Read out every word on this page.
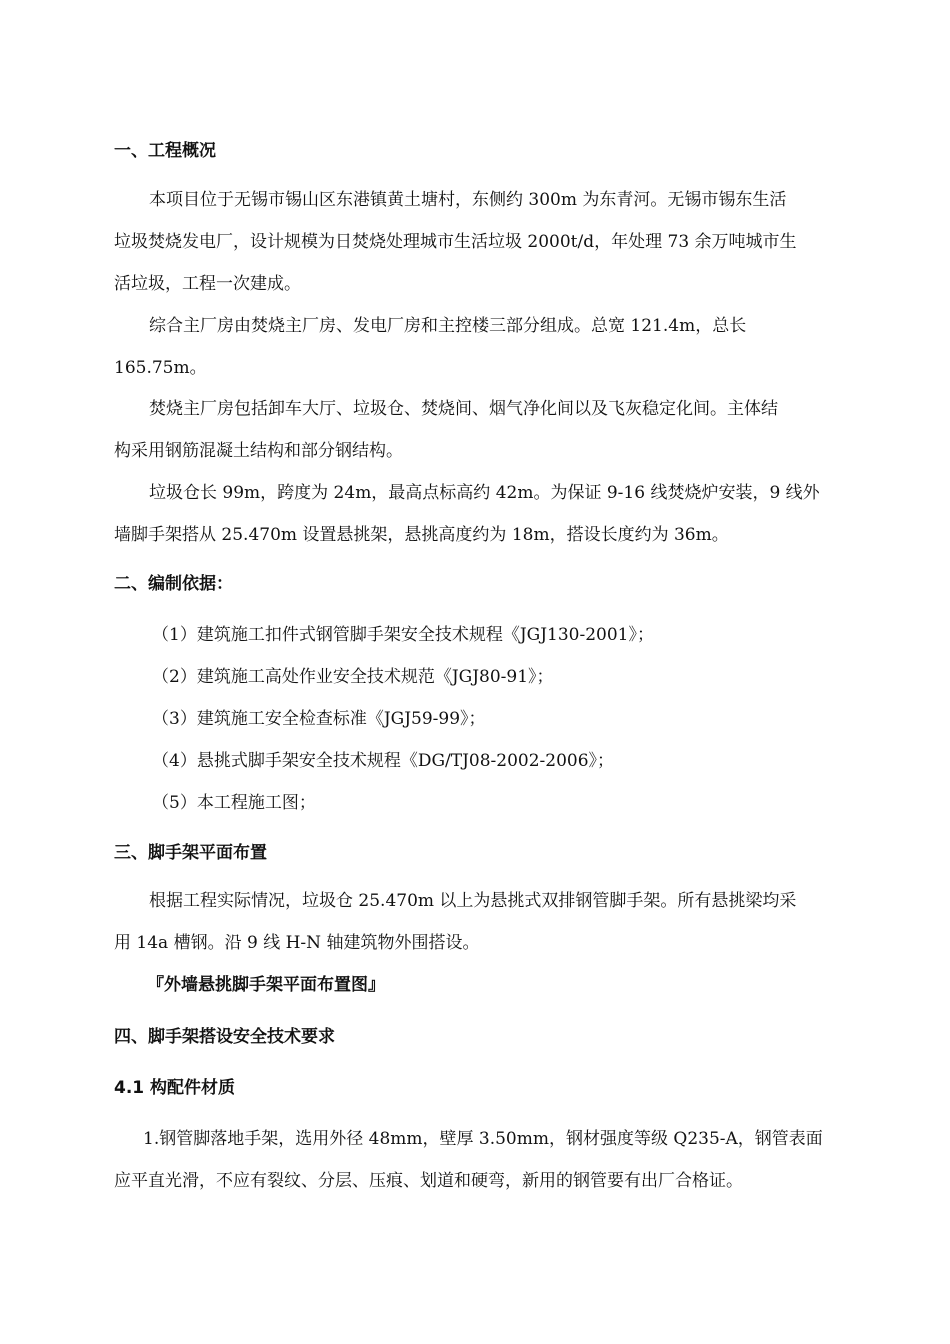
一、工程概况
本项目位于无锡市锡山区东港镇黄土塘村，东侧约 300m 为东青河。无锡市锡东生活
垃圾焚烧发电厂，设计规模为日焚烧处理城市生活垃圾 2000t/d，年处理 73 余万吨城市生
活垃圾，工程一次建成。
综合主厂房由焚烧主厂房、发电厂房和主控楼三部分组成。总宽 121.4m，总长
165.75m。
焚烧主厂房包括卸车大厅、垃圾仓、焚烧间、烟气净化间以及飞灰稳定化间。主体结
构采用钢筋混凝土结构和部分钢结构。
垃圾仓长 99m，跨度为 24m，最高点标高约 42m。为保证 9-16 线焚烧炉安装，9 线外
墙脚手架搭从 25.470m 设置悬挑架，悬挑高度约为 18m，搭设长度约为 36m。
二、编制依据：
（1）建筑施工扣件式钢管脚手架安全技术规程《JGJ130-2001》；
（2）建筑施工高处作业安全技术规范《JGJ80-91》；
（3）建筑施工安全检查标准《JGJ59-99》；
（4）悬挑式脚手架安全技术规程《DG/TJ08-2002-2006》；
（5）本工程施工图；
三、脚手架平面布置
根据工程实际情况，垃圾仓 25.470m 以上为悬挑式双排钢管脚手架。所有悬挑梁均采
用 14a 槽钢。沿 9 线 H-N 轴建筑物外围搭设。
『外墙悬挑脚手架平面布置图』
四、脚手架搭设安全技术要求
4.1 构配件材质
1.钢管脚落地手架，选用外径 48mm，壁厚 3.50mm，钢材强度等级 Q235-A，钢管表面
应平直光滑，不应有裂纹、分层、压痕、划道和硬弯，新用的钢管要有出厂合格证。
